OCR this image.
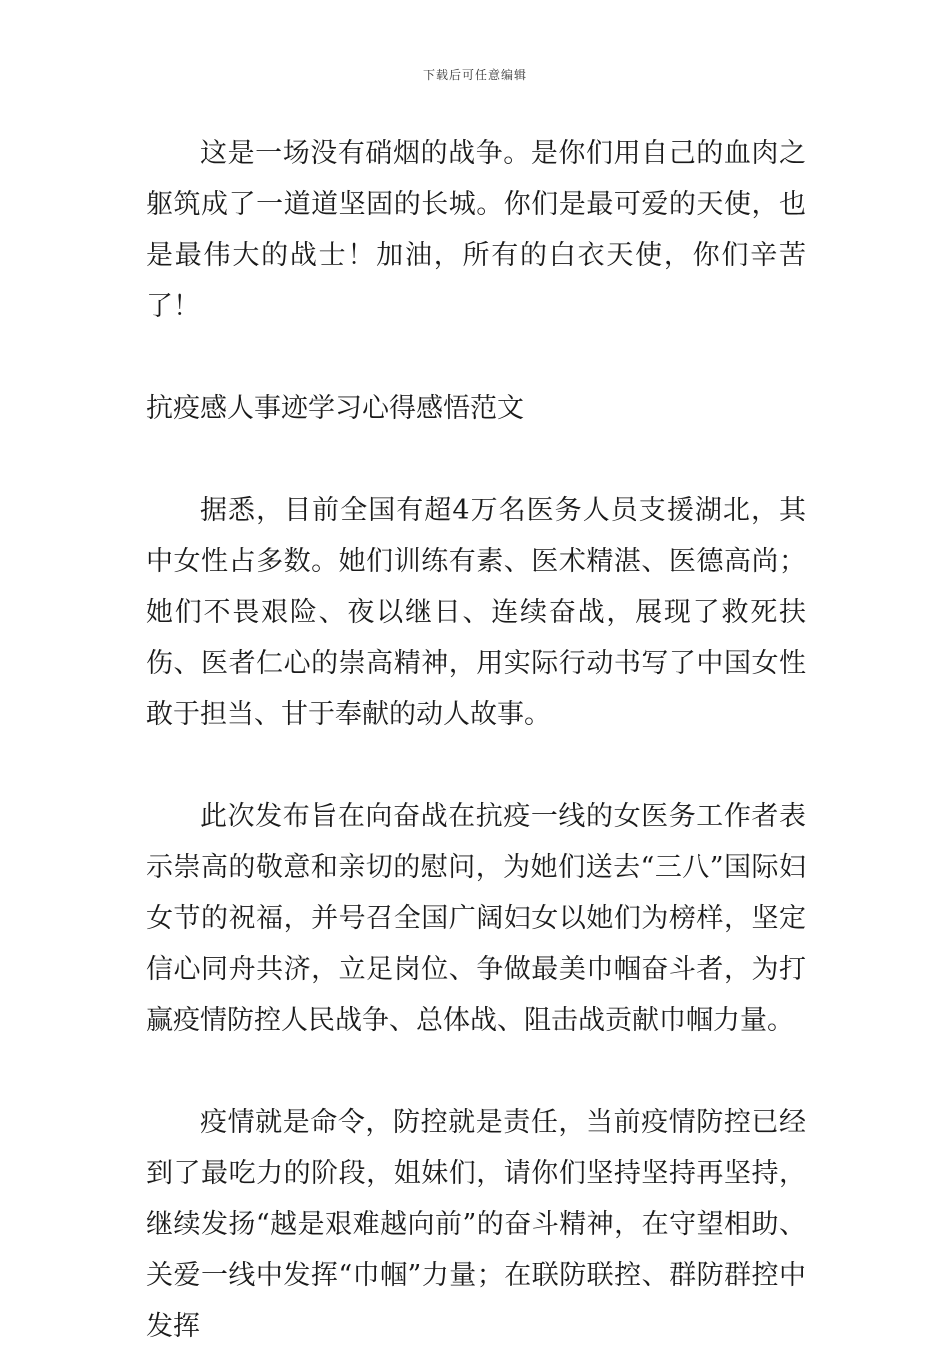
下载后可任意编辑

这是一场没有硝烟的战争。是你们用自己的血肉之躯筑成了一道道坚固的长城。你们是最可爱的天使，也是最伟大的战士！加油，所有的白衣天使，你们辛苦了！

抗疫感人事迹学习心得感悟范文

据悉，目前全国有超4万名医务人员支援湖北，其中女性占多数。她们训练有素、医术精湛、医德高尚；她们不畏艰险、夜以继日、连续奋战，展现了救死扶伤、医者仁心的崇高精神，用实际行动书写了中国女性敢于担当、甘于奉献的动人故事。

此次发布旨在向奋战在抗疫一线的女医务工作者表示崇高的敬意和亲切的慰问，为她们送去“三八”国际妇女节的祝福，并号召全国广阔妇女以她们为榜样，坚定信心同舟共济，立足岗位、争做最美巾帼奋斗者，为打赢疫情防控人民战争、总体战、阻击战贡献巾帼力量。

疫情就是命令，防控就是责任，当前疫情防控已经到了最吃力的阶段，姐妹们，请你们坚持坚持再坚持，继续发扬“越是艰难越向前”的奋斗精神，在守望相助、关爱一线中发挥“巾帼”力量；在联防联控、群防群控中发挥
